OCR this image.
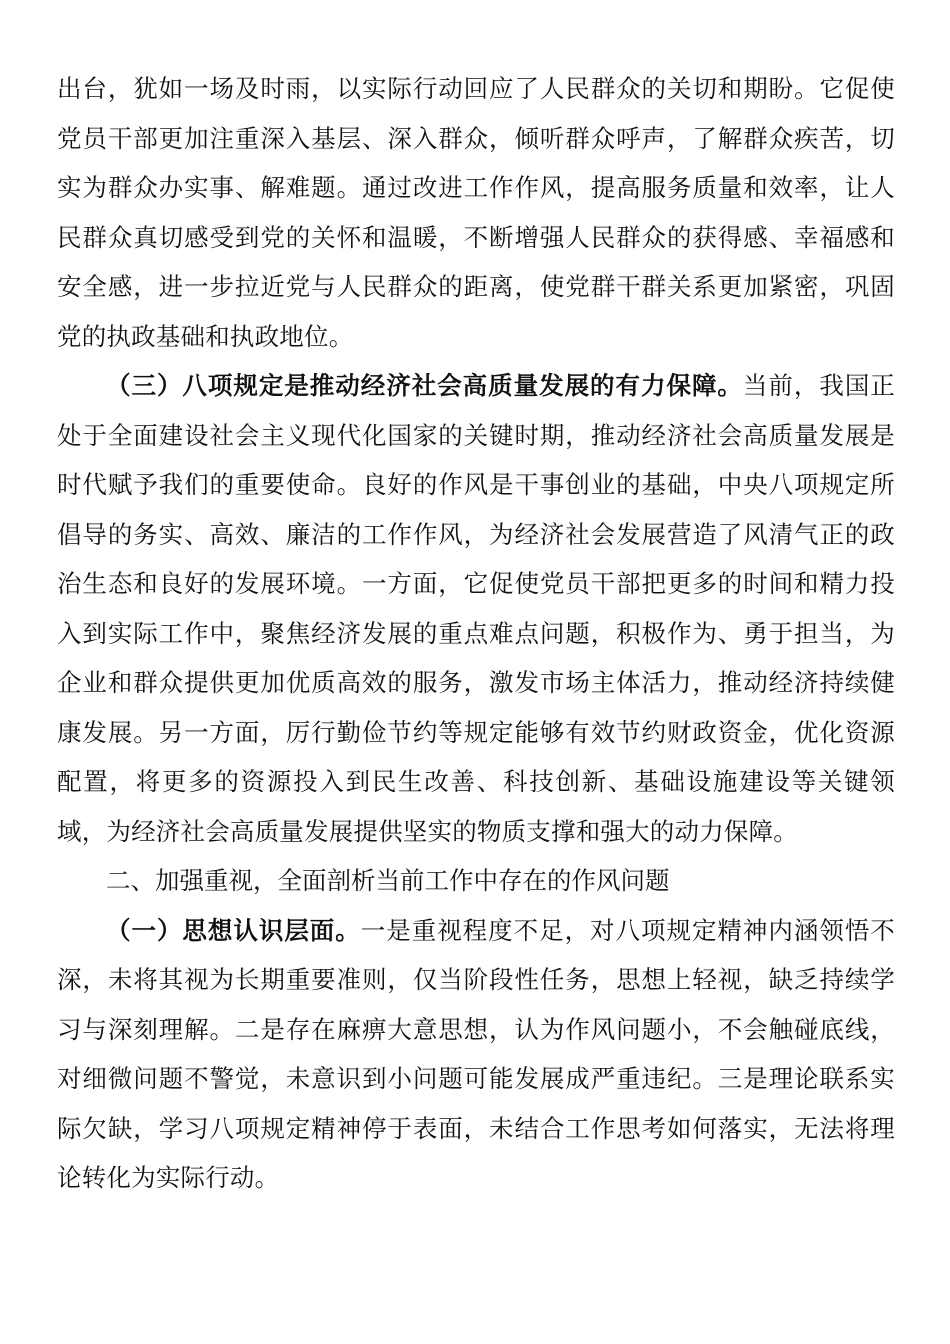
出台，犹如一场及时雨，以实际行动回应了人民群众的关切和期盼。它促使党员干部更加注重深入基层、深入群众，倾听群众呼声，了解群众疾苦，切实为群众办实事、解难题。通过改进工作作风，提高服务质量和效率，让人民群众真切感受到党的关怀和温暖，不断增强人民群众的获得感、幸福感和安全感，进一步拉近党与人民群众的距离，使党群干群关系更加紧密，巩固党的执政基础和执政地位。

（三）八项规定是推动经济社会高质量发展的有力保障。当前，我国正处于全面建设社会主义现代化国家的关键时期，推动经济社会高质量发展是时代赋予我们的重要使命。良好的作风是干事创业的基础，中央八项规定所倡导的务实、高效、廉洁的工作作风，为经济社会发展营造了风清气正的政治生态和良好的发展环境。一方面，它促使党员干部把更多的时间和精力投入到实际工作中，聚焦经济发展的重点难点问题，积极作为、勇于担当，为企业和群众提供更加优质高效的服务，激发市场主体活力，推动经济持续健康发展。另一方面，厉行勤俭节约等规定能够有效节约财政资金，优化资源配置，将更多的资源投入到民生改善、科技创新、基础设施建设等关键领域，为经济社会高质量发展提供坚实的物质支撑和强大的动力保障。

二、加强重视，全面剖析当前工作中存在的作风问题

（一）思想认识层面。一是重视程度不足，对八项规定精神内涵领悟不深，未将其视为长期重要准则，仅当阶段性任务，思想上轻视，缺乏持续学习与深刻理解。二是存在麻痹大意思想，认为作风问题小，不会触碰底线，对细微问题不警觉，未意识到小问题可能发展成严重违纪。三是理论联系实际欠缺，学习八项规定精神停于表面，未结合工作思考如何落实，无法将理论转化为实际行动。
